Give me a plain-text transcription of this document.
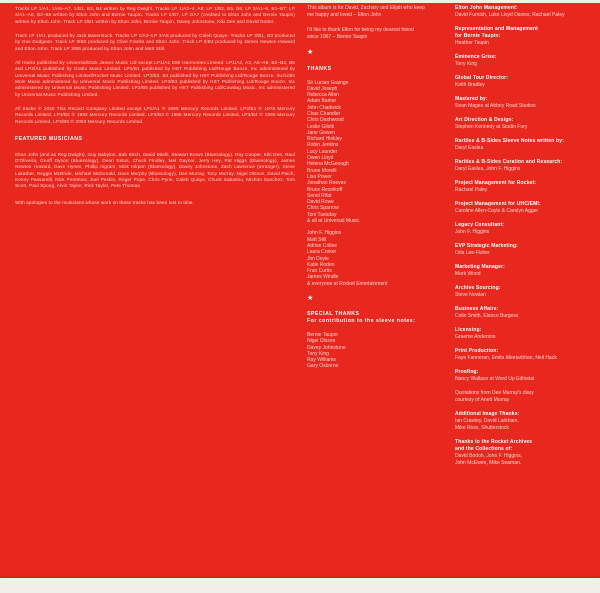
Tracks LP 1/A1, 1/A5–A7, 1/B1, B3, B4 written by Reg Dwight. Tracks LP 1/A2–4, A8; LP 1/B2, B5, B6; LP 2/A1–6, B1–B7; LP 3/A1–A6, B2–B5 written by Elton John and Bernie Taupin. Tracks LP 1/B7, LP 2/A7 (credited to Elton John and Bernie Taupin) written by Elton John. Track LP 3/B1 written by Elton John, Bernie Taupin, Davey Johnstone, Kiki Dee and David Nutter.

Track LP 1/A1 produced by Jack Baverstock. Tracks LP 1/A2–LP 3/A5 produced by Caleb Quaye. Tracks LP 3/B1, B3 produced by Gus Dudgeon. Track LP 3/B2 produced by Clive Franks and Elton John. Track LP 3/B4 produced by James Newton Howard and Elton John. Track LP 3/B5 produced by Elton John and Matt Still.

All tracks published by Universal/Dick James Music Ltd except LP1/A1 EMI Harmonies Limited. LP1/A2, A3, A5–A8, B2–B4, B6 and LP2/A1 published by Gralto Music Limited. LP3/B1 published by HST Publishing Ltd/Rouge Booze, Inc administered by Universal Music Publishing Limited/Rocket Music Limited. LP3/B2, B4 published by HST Publishing Ltd/Rouge Booze, Inc/Little Mole Music administered by Universal Music Publishing Limited. LP3/B3 published by HST Publishing Ltd/Rouge Booze, Inc administered by Universal Music Publishing Limited. LP3/B5 published by HST Publishing Ltd/Cowdog Music, Inc administered by Universal Music Publishing Limited.

All tracks ℗ 2020 This Record Company Limited except LP1/A1 ℗ 1990 Mercury Records Limited, LP3/B1 ℗ 1976 Mercury Records Limited, LP3/B2 ℗ 1982 Mercury Records Limited, LP3/B3 ℗ 1986 Mercury Records Limited, LP3/B4 ℗ 1990 Mercury Records Limited, LP3/B5 ℗ 2004 Mercury Records Limited.

FEATURED MUSICIANS

Elton John (and as Reg Dwight), Guy Babylon, Bob Birch, David Bitelli, Stewart Brown (Bluesology), Ray Cooper, Kiki Dee, Raul D'Oliveira, Geoff Dyson (Bluesology), Deon Estus, Chuck Findley, Mel Gaynor, Jerry Hey, Pat Higgs (Bluesology), James Newton Howard, Dave Hynes, Phillip Ingram, Mick Inkpen (Bluesology), Davey Johnstone, Zach Lawrence (arranger), Steve Lukather, Reggie McBride, Michael McDonald, Dave Murphy (Bluesology), Dee Murray, Tony Murray, Nigel Olsson, David Paich, Kenny Passarelli, Nick Pentelow, Joel Peskin, Roger Pope, Chris Pyne, Caleb Quaye, Chuck Sabatino, Michito Sanchez, Tom Scott, Paul Spong, Alvin Taylor, Rick Taylor, Pete Thomas.

With apologies to the musicians whose work on these tracks has been lost to time.

This album is for David, Zachary and Elijah who keep me happy and loved – Elton John

I'd like to thank Elton for being my dearest friend since 1967 – Bernie Taupin

★
THANKS
Sir Lucian Grainge
David Joseph
Rebecca Allen
Adam Barker
John Chadwick
Chas Chandler
Chris Dashwood
Leslie Gilotti
Jane Gowen
Richard Hinkley
Robin Jenkins
Lucy Launder
Owen Lloyd
Helena McGeough
Bruno Morelli
Lisa Power
Jonathan Reeves
Bruce Resnikoff
Senel Rifat
David Rowe
Chris Sparrow
Toni Tuesday
& all at Universal Music.
John F. Higgins
Matt Still
Adrian Collee
Laura Croker
Jim Doyle
Katie Roden
Fran Curtis
James Windle
& everyone at Rocket Entertainment
★
SPECIAL THANKS
For contribution to the sleeve notes:
Bernie Taupin
Nigel Olsson
Davey Johnstone
Tony King
Ray Williams
Gary Osborne
Elton John Management:
David Furnish, Luke Lloyd Davies, Rachael Paley
Representation and Management
for Bernie Taupin:
Heather Taupin
Éminence Grise:
Tony King
Global Tour Director:
Keith Bradley
Mastered by:
Sean Magee at Abbey Road Studios
Art Direction & Design:
Stephen Kennedy at Studio Fury
Rarities & B-Sides Sleeve Notes written by:
Daryl Easlea
Rarities & B-Sides Curation and Research:
Daryl Easlea, John F. Higgins
Project Management for Rocket:
Rachael Paley
Project Management for UHC/EMI:
Caroline Allen-Coyle & Carolyn Agger
Legacy Consultant:
John F. Higgins
EVP Strategic Marketing:
Orla Lee-Fisher
Marketing Manager:
Mark Wood
Archive Sourcing:
Steve Nowlan
Business Affairs:
Colin Smith, Elanco Burgess
Licensing:
Graeme Anderson
Print Production:
Faye Fanneran, Emita Meetarbhan, Neil Hack
Proofing:
Nancy Wallace at Word Up Editorial
Quotations from Dee Murray's diary
courtesy of Anett Murray
Additional Image Thanks:
Ian Crawley, David Larkham,
Mike Ross, Shutterstock
Thanks to the Rocket Archives
and the Collections of:
David Bodoh, John F. Higgins,
John McEwen, Mike Seaman.
